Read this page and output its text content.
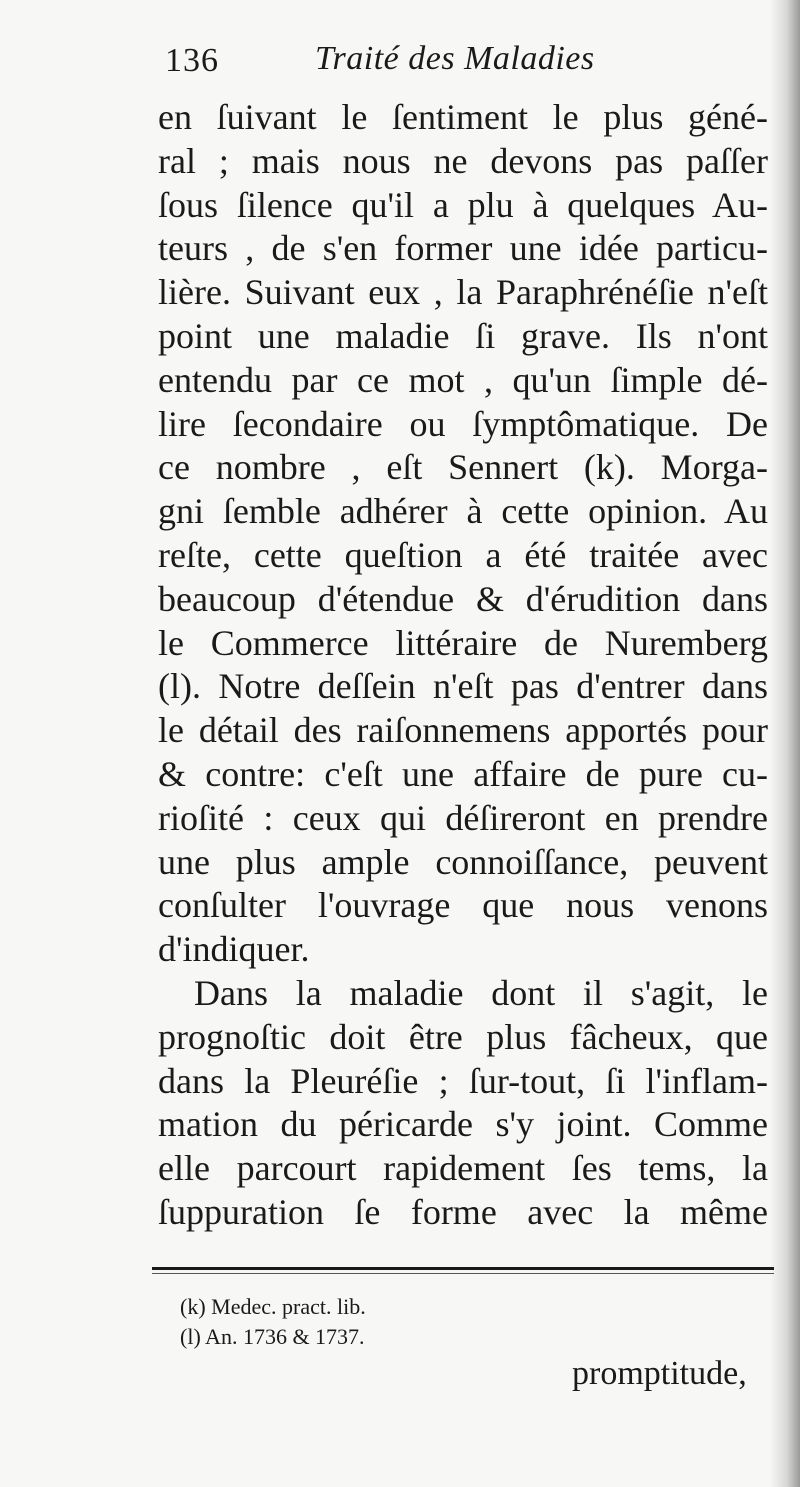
136	Traité des Maladies
en ſuivant le ſentiment le plus géné-
ral ; mais nous ne devons pas paſſer
ſous ſilence qu'il a plu à quelques Au-
teurs , de s'en former une idée particu-
lière. Suivant eux , la Paraphrénéſie n'eſt
point une maladie ſi grave. Ils n'ont
entendu par ce mot , qu'un ſimple dé-
lire ſecondaire ou ſymptômatique. De
ce nombre , eſt Sennert (k). Morga-
gni ſemble adhérer à cette opinion. Au
reſte, cette queſtion a été traitée avec
beaucoup d'étendue & d'érudition dans
le Commerce littéraire de Nuremberg
(l). Notre deſſein n'eſt pas d'entrer dans
le détail des raiſonnemens apportés pour
& contre: c'eſt une affaire de pure cu-
rioſité : ceux qui déſireront en prendre
une plus ample connoiſſance, peuvent
conſulter l'ouvrage que nous venons
d'indiquer.
Dans la maladie dont il s'agit, le
prognoſtic doit être plus fâcheux, que
dans la Pleuréſie ; ſur-tout, ſi l'inflam-
mation du péricarde s'y joint. Comme
elle parcourt rapidement ſes tems, la
ſuppuration ſe forme avec la même
(k) Medec. pract. lib.
(l) An. 1736 & 1737.
promptitude,
